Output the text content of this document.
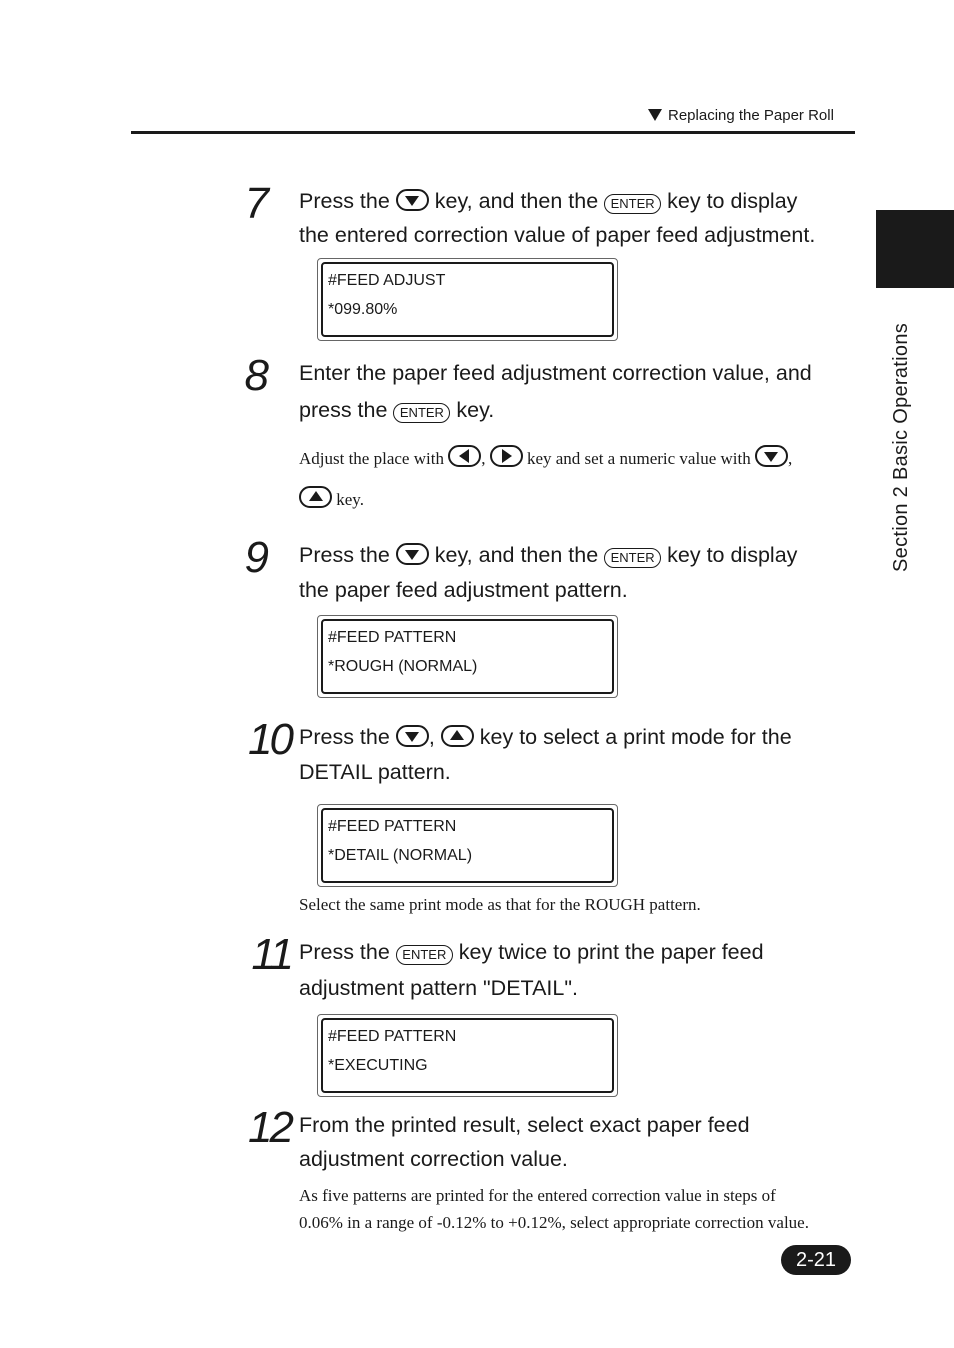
Replacing the Paper Roll
Section 2 Basic Operations
7 Press the key, and then the ENTER key to display
the entered correction value of paper feed adjustment.
#FEED ADJUST
*099.80%
8 Enter the paper feed adjustment correction value, and
press the ENTER key.
Adjust the place with , key and set a numeric value with ,
key.
9 Press the key, and then the ENTER key to display
the paper feed adjustment pattern.
#FEED PATTERN
*ROUGH (NORMAL)
10 Press the , key to select a print mode for the
DETAIL pattern.
#FEED PATTERN
*DETAIL (NORMAL)
Select the same print mode as that for the ROUGH pattern.
11 Press the ENTER key twice to print the paper feed
adjustment pattern "DETAIL".
#FEED PATTERN
*EXECUTING
12 From the printed result, select exact paper feed
adjustment correction value.
As five patterns are printed for the entered correction value in steps of
0.06% in a range of -0.12% to +0.12%, select appropriate correction value.
2-21
